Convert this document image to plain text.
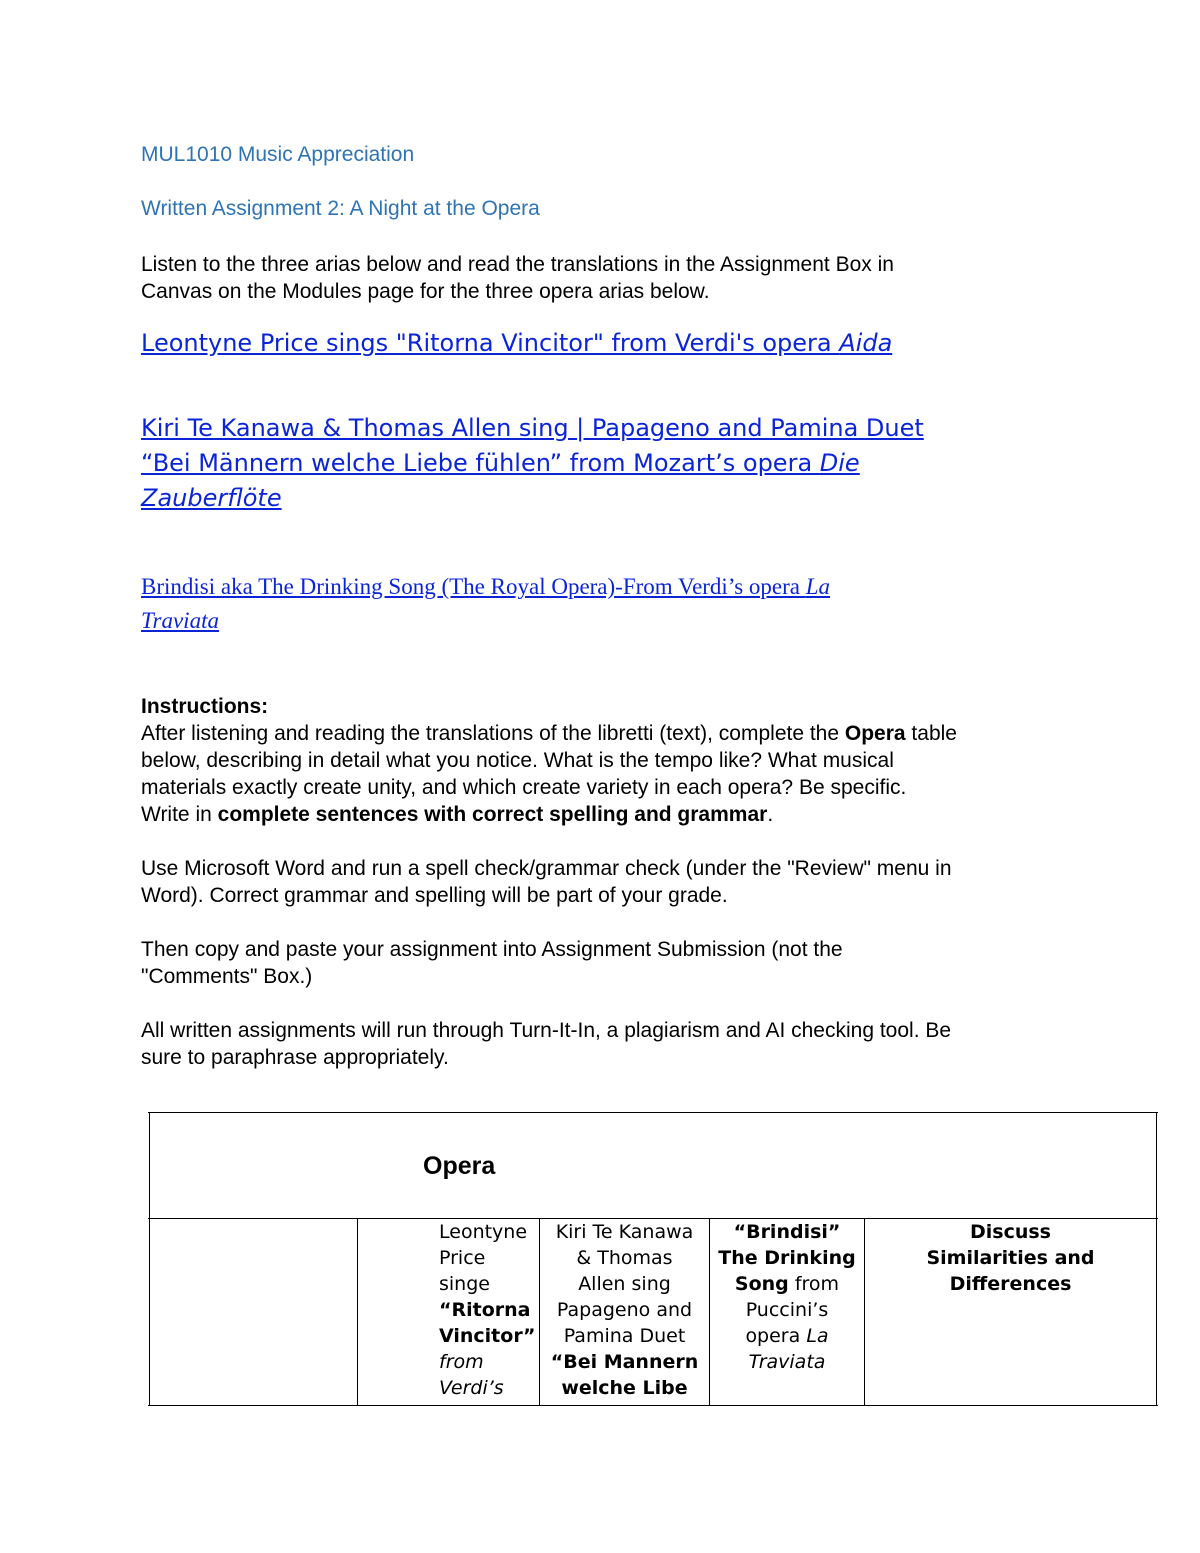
MUL1010 Music Appreciation
Written Assignment 2: A Night at the Opera
Listen to the three arias below and read the translations in the Assignment Box in
Canvas on the Modules page for the three opera arias below.
Leontyne Price sings "Ritorna Vincitor" from Verdi's opera Aida
Kiri Te Kanawa & Thomas Allen sing | Papageno and Pamina Duet
“Bei Männern welche Liebe fühlen” from Mozart’s opera Die
Zauberflöte
Brindisi aka The Drinking Song (The Royal Opera)-From Verdi’s opera La
Traviata
Instructions:
After listening and reading the translations of the libretti (text), complete the Opera table
below, describing in detail what you notice. What is the tempo like? What musical
materials exactly create unity, and which create variety in each opera? Be specific.
Write in complete sentences with correct spelling and grammar.
Use Microsoft Word and run a spell check/grammar check (under the "Review" menu in
Word). Correct grammar and spelling will be part of your grade.
Then copy and paste your assignment into Assignment Submission (not the
"Comments" Box.)
All written assignments will run through Turn-It-In, a plagiarism and AI checking tool. Be
sure to paraphrase appropriately.
Opera
Leontyne
Price
singe
“Ritorna
Vincitor”
from
Verdi’s
Kiri Te Kanawa
& Thomas
Allen sing
Papageno and
Pamina Duet
“Bei Mannern
welche Libe
“Brindisi”
The Drinking
Song from
Puccini’s
opera La
Traviata
Discuss
Similarities and
Differences
